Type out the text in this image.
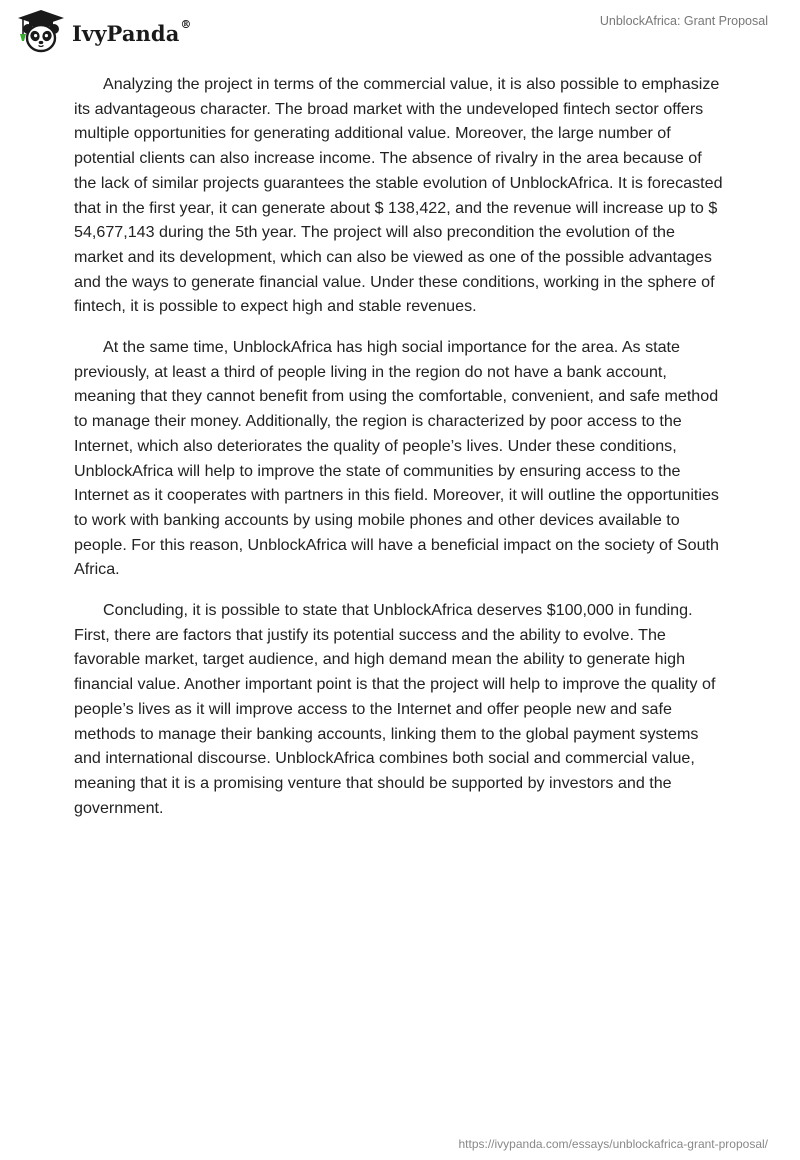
IvyPanda®	UnblockAfrica: Grant Proposal

Analyzing the project in terms of the commercial value, it is also possible to emphasize its advantageous character. The broad market with the undeveloped fintech sector offers multiple opportunities for generating additional value. Moreover, the large number of potential clients can also increase income. The absence of rivalry in the area because of the lack of similar projects guarantees the stable evolution of UnblockAfrica. It is forecasted that in the first year, it can generate about $ 138,422, and the revenue will increase up to $ 54,677,143 during the 5th year. The project will also precondition the evolution of the market and its development, which can also be viewed as one of the possible advantages and the ways to generate financial value. Under these conditions, working in the sphere of fintech, it is possible to expect high and stable revenues.

At the same time, UnblockAfrica has high social importance for the area. As state previously, at least a third of people living in the region do not have a bank account, meaning that they cannot benefit from using the comfortable, convenient, and safe method to manage their money. Additionally, the region is characterized by poor access to the Internet, which also deteriorates the quality of people’s lives. Under these conditions, UnblockAfrica will help to improve the state of communities by ensuring access to the Internet as it cooperates with partners in this field. Moreover, it will outline the opportunities to work with banking accounts by using mobile phones and other devices available to people. For this reason, UnblockAfrica will have a beneficial impact on the society of South Africa.

Concluding, it is possible to state that UnblockAfrica deserves $100,000 in funding. First, there are factors that justify its potential success and the ability to evolve. The favorable market, target audience, and high demand mean the ability to generate high financial value. Another important point is that the project will help to improve the quality of people’s lives as it will improve access to the Internet and offer people new and safe methods to manage their banking accounts, linking them to the global payment systems and international discourse. UnblockAfrica combines both social and commercial value, meaning that it is a promising venture that should be supported by investors and the government.

https://ivypanda.com/essays/unblockafrica-grant-proposal/
